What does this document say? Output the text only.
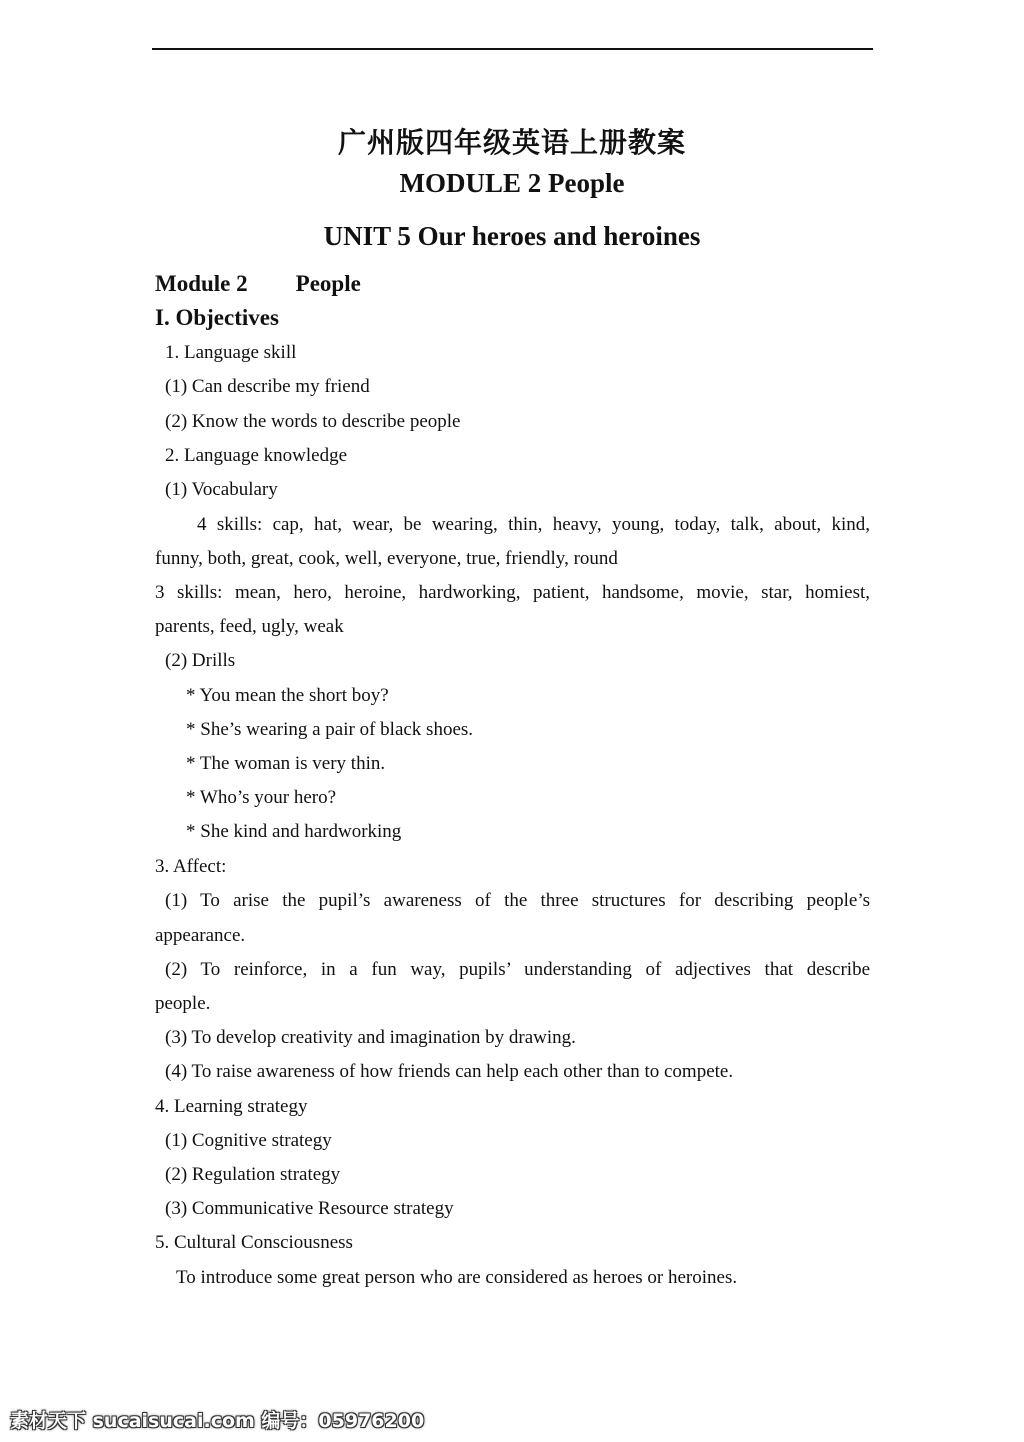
广州版四年级英语上册教案
MODULE 2 People
UNIT 5 Our heroes and heroines
Module 2 People
I. Objectives
1. Language skill
(1) Can describe my friend
(2) Know the words to describe people
2. Language knowledge
(1) Vocabulary
4 skills: cap, hat, wear, be wearing, thin, heavy, young, today, talk, about, kind,
funny, both, great, cook, well, everyone, true, friendly, round
3 skills: mean, hero, heroine, hardworking, patient, handsome, movie, star, homiest,
parents, feed, ugly, weak
(2) Drills
* You mean the short boy?
* She’s wearing a pair of black shoes.
* The woman is very thin.
* Who’s your hero?
* She kind and hardworking
3. Affect:
(1) To arise the pupil’s awareness of the three structures for describing people’s
appearance.
(2) To reinforce, in a fun way, pupils’ understanding of adjectives that describe
people.
(3) To develop creativity and imagination by drawing.
(4) To raise awareness of how friends can help each other than to compete.
4. Learning strategy
(1) Cognitive strategy
(2) Regulation strategy
(3) Communicative Resource strategy
5. Cultural Consciousness
To introduce some great person who are considered as heroes or heroines.
素材天下 sucaisucai.com 编号：05976200
